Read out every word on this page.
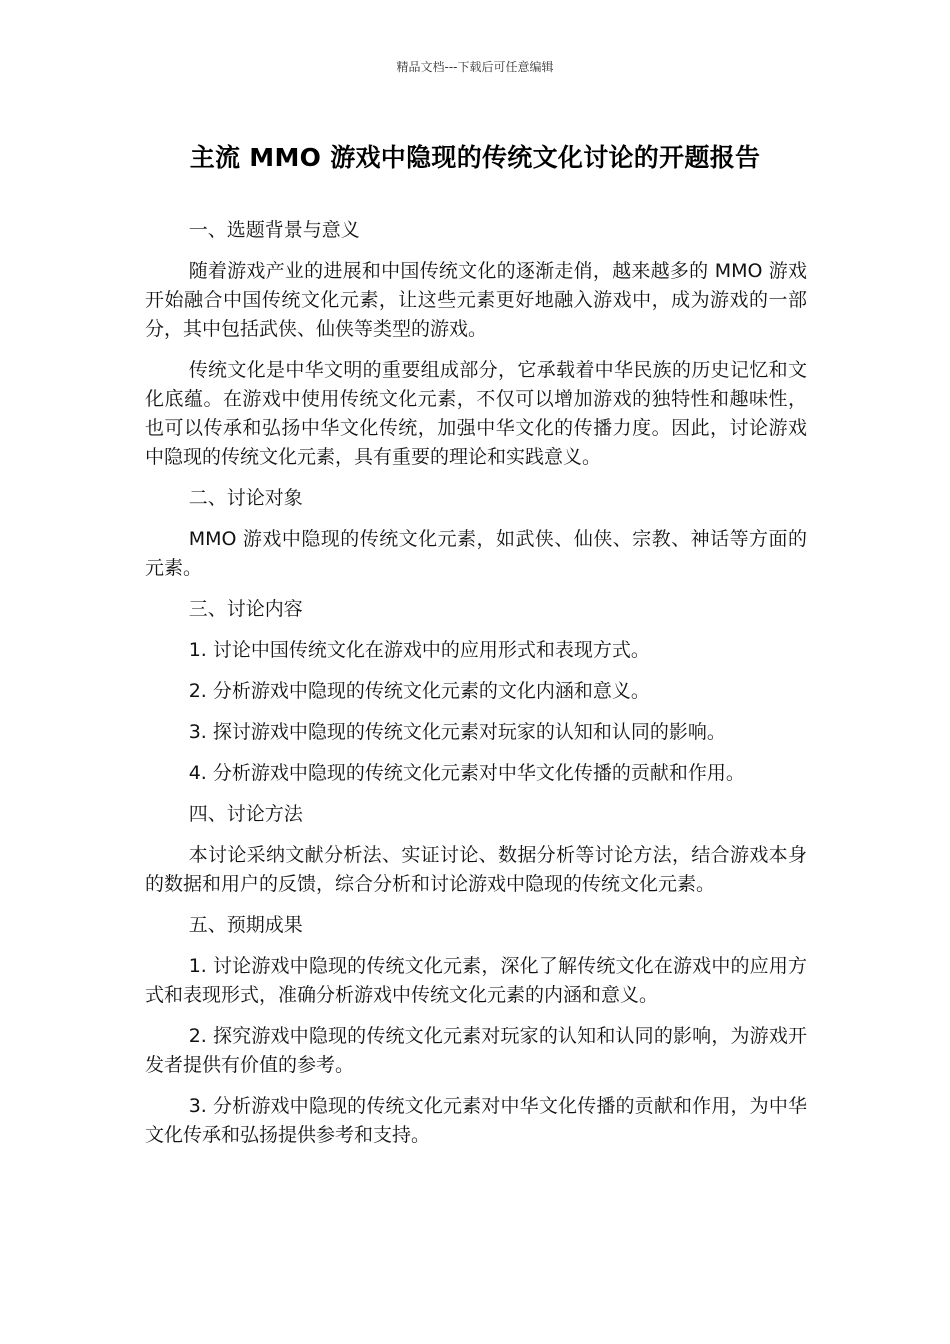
精品文档---下载后可任意编辑
主流 MMO 游戏中隐现的传统文化讨论的开题报告
一、选题背景与意义

随着游戏产业的进展和中国传统文化的逐渐走俏，越来越多的 MMO 游戏开始融合中国传统文化元素，让这些元素更好地融入游戏中，成为游戏的一部分，其中包括武侠、仙侠等类型的游戏。

传统文化是中华文明的重要组成部分，它承载着中华民族的历史记忆和文化底蕴。在游戏中使用传统文化元素，不仅可以增加游戏的独特性和趣味性，也可以传承和弘扬中华文化传统，加强中华文化的传播力度。因此，讨论游戏中隐现的传统文化元素，具有重要的理论和实践意义。

二、讨论对象

MMO 游戏中隐现的传统文化元素，如武侠、仙侠、宗教、神话等方面的元素。

三、讨论内容

1. 讨论中国传统文化在游戏中的应用形式和表现方式。

2. 分析游戏中隐现的传统文化元素的文化内涵和意义。

3. 探讨游戏中隐现的传统文化元素对玩家的认知和认同的影响。

4. 分析游戏中隐现的传统文化元素对中华文化传播的贡献和作用。

四、讨论方法

本讨论采纳文献分析法、实证讨论、数据分析等讨论方法，结合游戏本身的数据和用户的反馈，综合分析和讨论游戏中隐现的传统文化元素。

五、预期成果

1. 讨论游戏中隐现的传统文化元素，深化了解传统文化在游戏中的应用方式和表现形式，准确分析游戏中传统文化元素的内涵和意义。

2. 探究游戏中隐现的传统文化元素对玩家的认知和认同的影响，为游戏开发者提供有价值的参考。

3. 分析游戏中隐现的传统文化元素对中华文化传播的贡献和作用，为中华文化传承和弘扬提供参考和支持。
